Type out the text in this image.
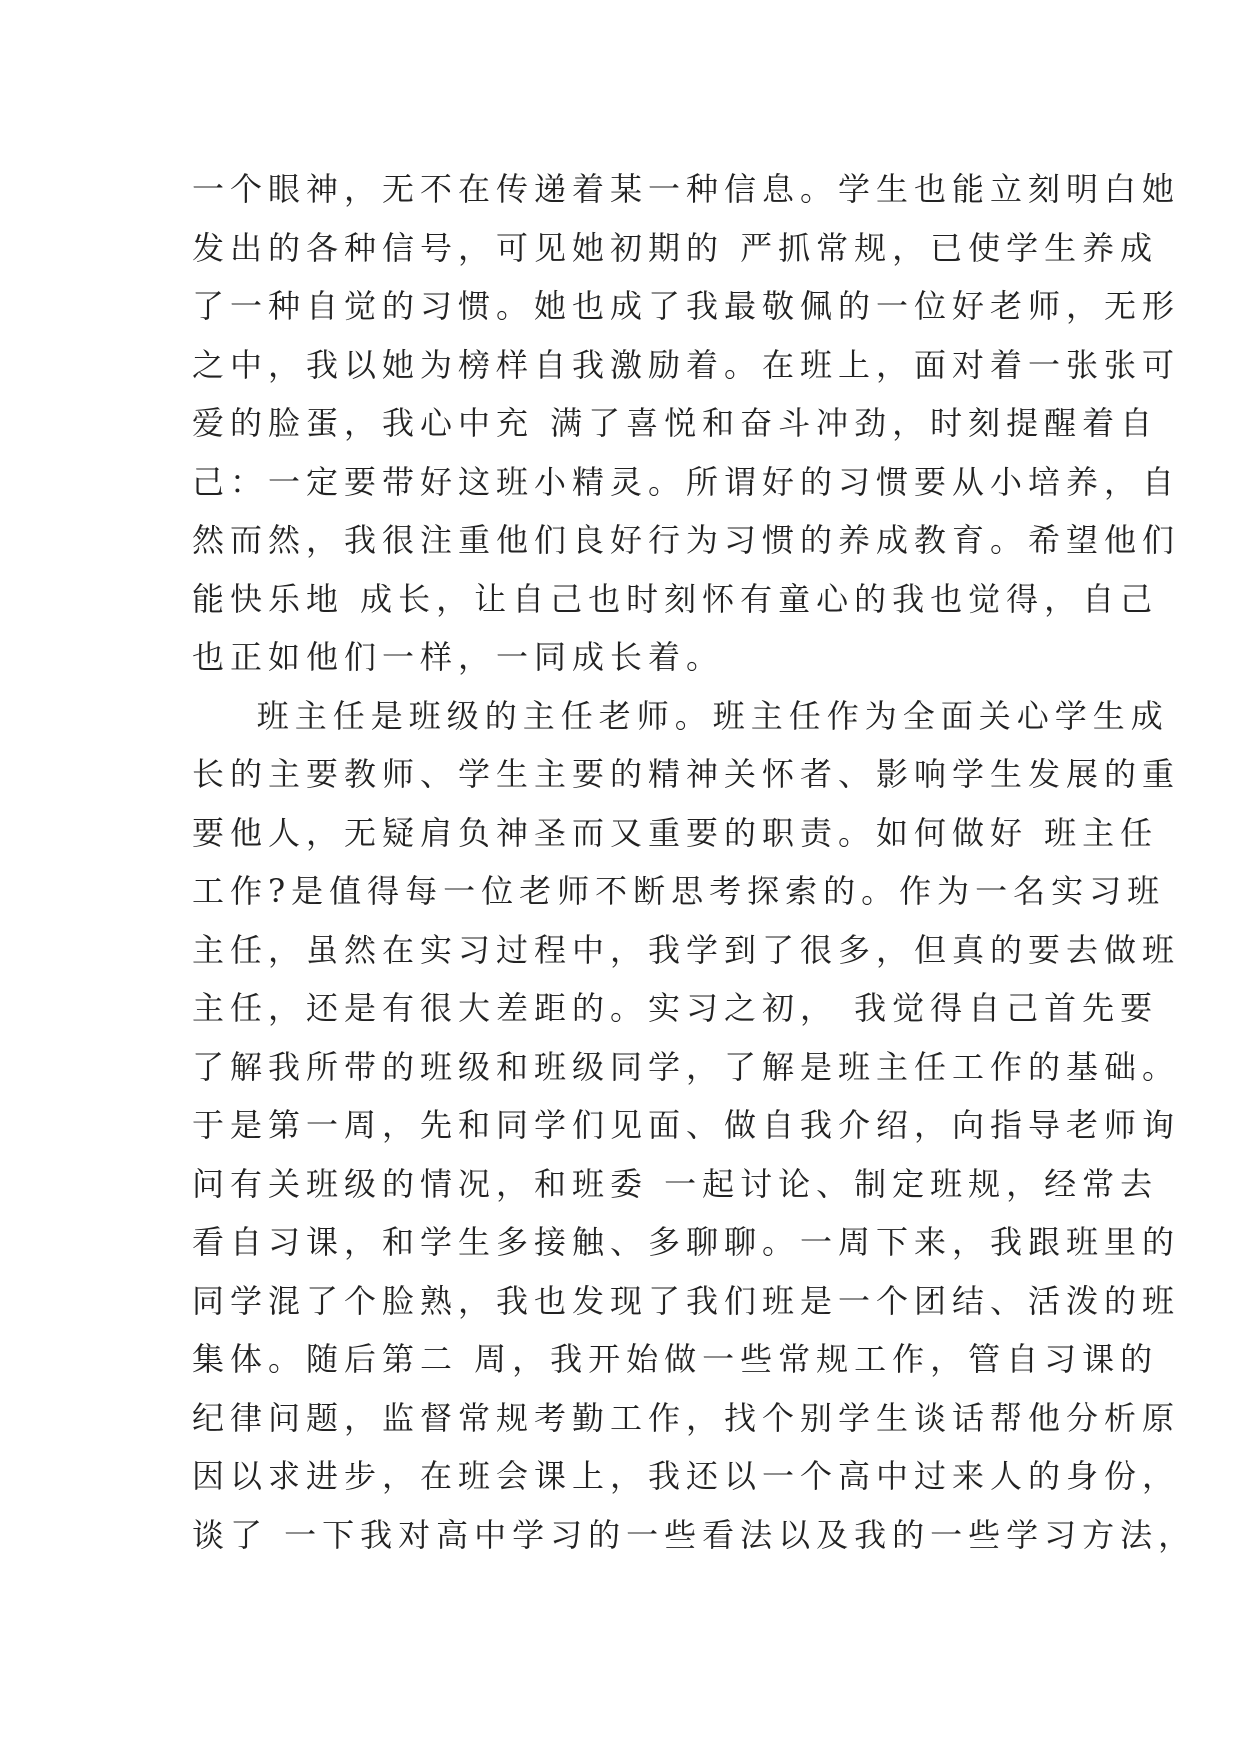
一个眼神，无不在传递着某一种信息。学生也能立刻明白她
发出的各种信号，可见她初期的 严抓常规，已使学生养成
了一种自觉的习惯。她也成了我最敬佩的一位好老师，无形
之中，我以她为榜样自我激励着。在班上，面对着一张张可
爱的脸蛋，我心中充 满了喜悦和奋斗冲劲，时刻提醒着自
己：一定要带好这班小精灵。所谓好的习惯要从小培养，自
然而然，我很注重他们良好行为习惯的养成教育。希望他们
能快乐地 成长，让自己也时刻怀有童心的我也觉得，自己
也正如他们一样，一同成长着。
班主任是班级的主任老师。班主任作为全面关心学生成
长的主要教师、学生主要的精神关怀者、影响学生发展的重
要他人，无疑肩负神圣而又重要的职责。如何做好 班主任
工作?是值得每一位老师不断思考探索的。作为一名实习班
主任，虽然在实习过程中，我学到了很多，但真的要去做班
主任，还是有很大差距的。实习之初， 我觉得自己首先要
了解我所带的班级和班级同学，了解是班主任工作的基础。
于是第一周，先和同学们见面、做自我介绍，向指导老师询
问有关班级的情况，和班委 一起讨论、制定班规，经常去
看自习课，和学生多接触、多聊聊。一周下来，我跟班里的
同学混了个脸熟，我也发现了我们班是一个团结、活泼的班
集体。随后第二 周，我开始做一些常规工作，管自习课的
纪律问题，监督常规考勤工作，找个别学生谈话帮他分析原
因以求进步，在班会课上，我还以一个高中过来人的身份，
谈了 一下我对高中学习的一些看法以及我的一些学习方法，
